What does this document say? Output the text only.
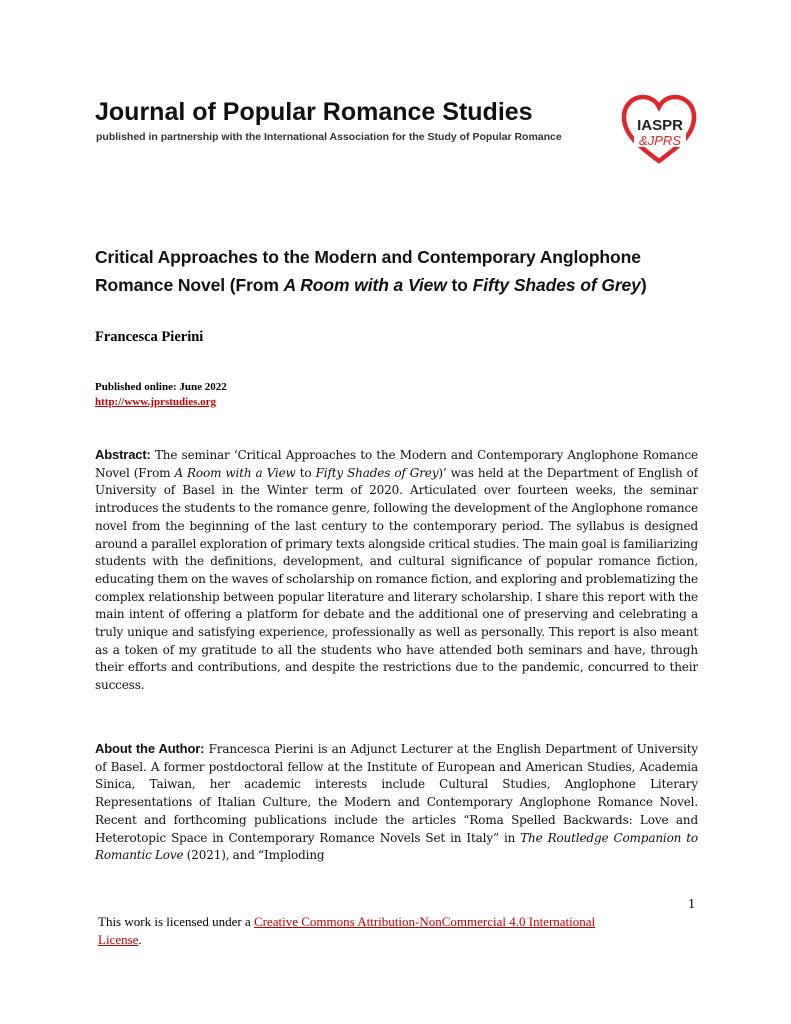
Journal of Popular Romance Studies
published in partnership with the International Association for the Study of Popular Romance
IASPR
&JPRS
Critical Approaches to the Modern and Contemporary Anglophone Romance Novel (From A Room with a View to Fifty Shades of Grey)
Francesca Pierini
Published online: June 2022
http://www.jprstudies.org
Abstract: The seminar ‘Critical Approaches to the Modern and Contemporary Anglophone Romance Novel (From A Room with a View to Fifty Shades of Grey)’ was held at the Department of English of University of Basel in the Winter term of 2020. Articulated over fourteen weeks, the seminar introduces the students to the romance genre, following the development of the Anglophone romance novel from the beginning of the last century to the contemporary period. The syllabus is designed around a parallel exploration of primary texts alongside critical studies. The main goal is familiarizing students with the definitions, development, and cultural significance of popular romance fiction, educating them on the waves of scholarship on romance fiction, and exploring and problematizing the complex relationship between popular literature and literary scholarship. I share this report with the main intent of offering a platform for debate and the additional one of preserving and celebrating a truly unique and satisfying experience, professionally as well as personally. This report is also meant as a token of my gratitude to all the students who have attended both seminars and have, through their efforts and contributions, and despite the restrictions due to the pandemic, concurred to their success.
About the Author: Francesca Pierini is an Adjunct Lecturer at the English Department of University of Basel. A former postdoctoral fellow at the Institute of European and American Studies, Academia Sinica, Taiwan, her academic interests include Cultural Studies, Anglophone Literary Representations of Italian Culture, the Modern and Contemporary Anglophone Romance Novel. Recent and forthcoming publications include the articles “Roma Spelled Backwards: Love and Heterotopic Space in Contemporary Romance Novels Set in Italy” in The Routledge Companion to Romantic Love (2021), and “Imploding
1
This work is licensed under a Creative Commons Attribution-NonCommercial 4.0 International License.
